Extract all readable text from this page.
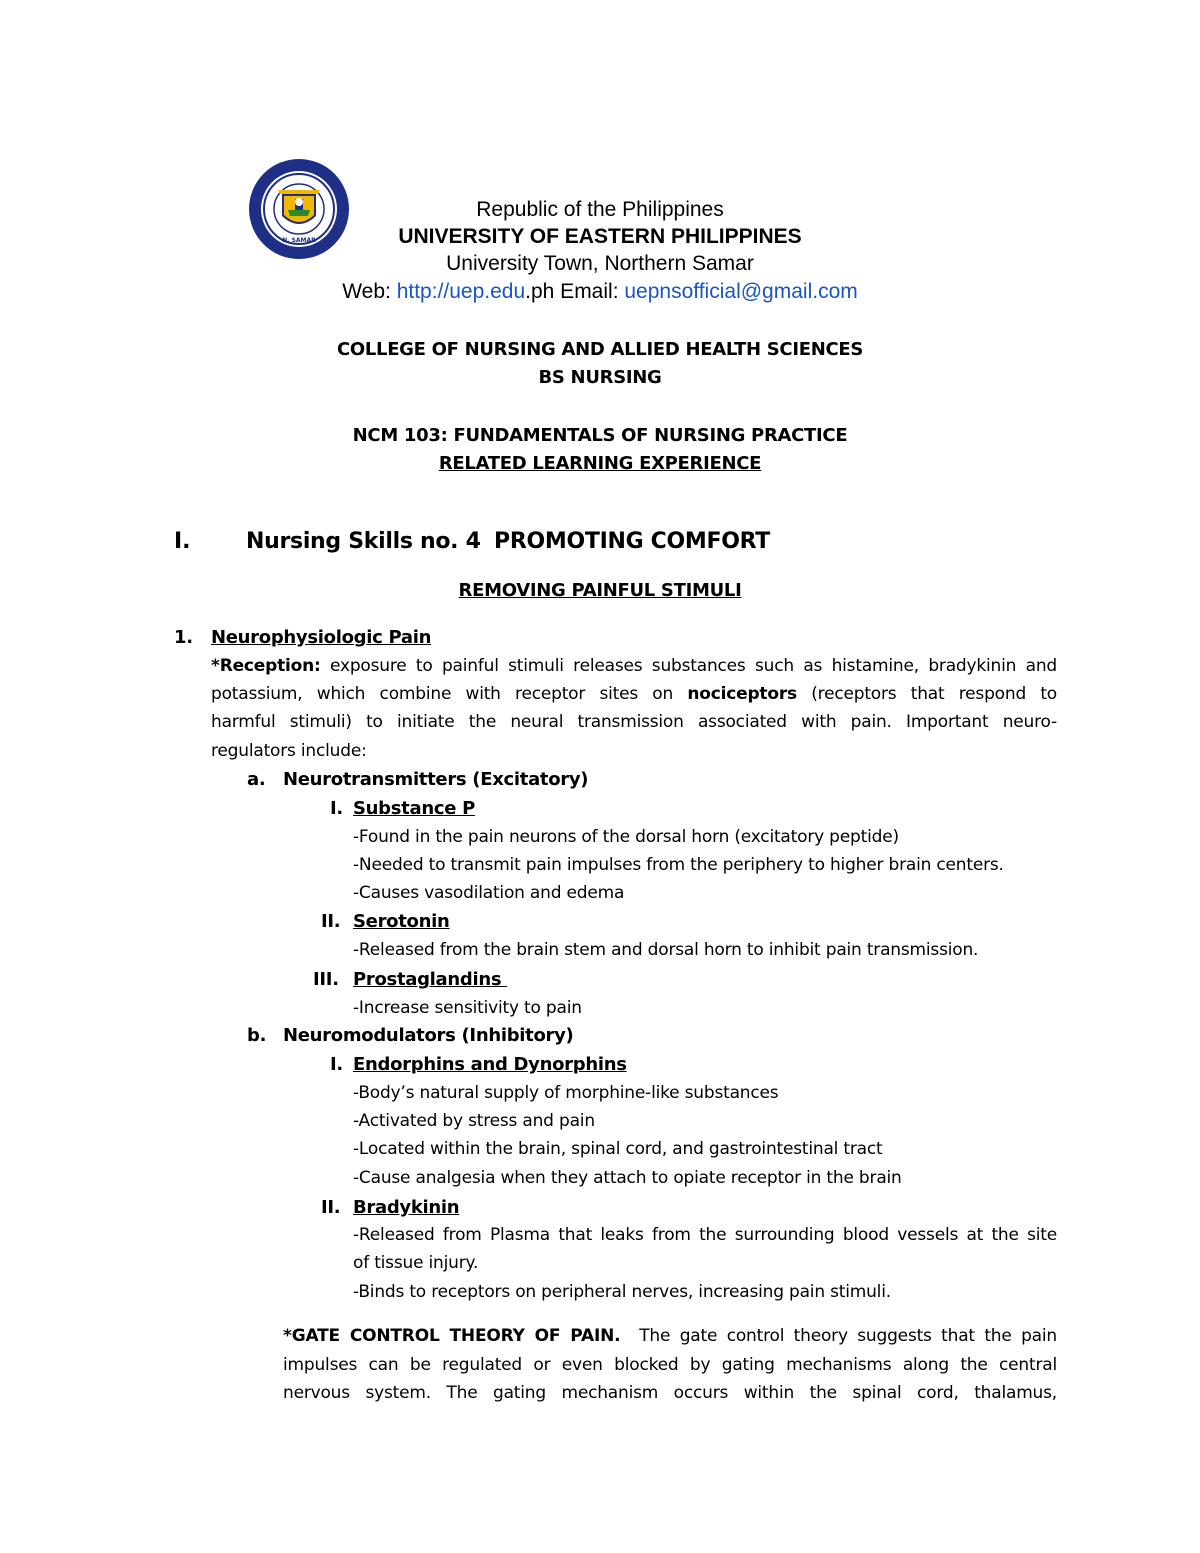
N. SAMAR
Republic of the Philippines
UNIVERSITY OF EASTERN PHILIPPINES
University Town, Northern Samar
Web: http://uep.edu.ph Email: uepnsofficial@gmail.com
COLLEGE OF NURSING AND ALLIED HEALTH SCIENCES
BS NURSING
NCM 103: FUNDAMENTALS OF NURSING PRACTICE
RELATED LEARNING EXPERIENCE
I.	Nursing Skills no. 4 PROMOTING COMFORT
REMOVING PAINFUL STIMULI
1. Neurophysiologic Pain
*Reception: exposure to painful stimuli releases substances such as histamine, bradykinin and
potassium, which combine with receptor sites on nociceptors (receptors that respond to
harmful stimuli) to initiate the neural transmission associated with pain. Important neuro-
regulators include:
a. Neurotransmitters (Excitatory)
I. Substance P
-Found in the pain neurons of the dorsal horn (excitatory peptide)
-Needed to transmit pain impulses from the periphery to higher brain centers.
-Causes vasodilation and edema
II. Serotonin
-Released from the brain stem and dorsal horn to inhibit pain transmission.
III. Prostaglandins
-Increase sensitivity to pain
b. Neuromodulators (Inhibitory)
I. Endorphins and Dynorphins
-Body’s natural supply of morphine-like substances
-Activated by stress and pain
-Located within the brain, spinal cord, and gastrointestinal tract
-Cause analgesia when they attach to opiate receptor in the brain
II. Bradykinin
-Released from Plasma that leaks from the surrounding blood vessels at the site
of tissue injury.
-Binds to receptors on peripheral nerves, increasing pain stimuli.
*GATE CONTROL THEORY OF PAIN.  The gate control theory suggests that the pain
impulses can be regulated or even blocked by gating mechanisms along the central
nervous system. The gating mechanism occurs within the spinal cord, thalamus,
